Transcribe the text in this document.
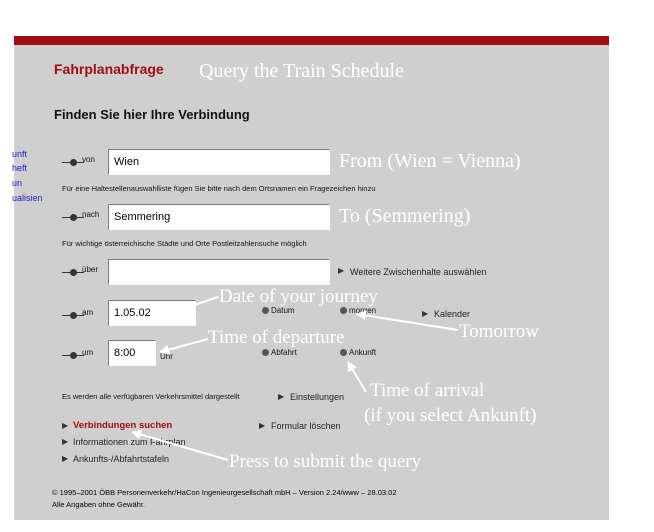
unft
heft
un
ualisien
Fahrplanabfrage Query the Train Schedule
Finden Sie hier Ihre Verbindung
von
Wien	From (Wien = Vienna)
Für eine Haltestellenauswahlliste fügen Sie bitte nach dem Ortsnamen ein Fragezeichen hinzu
nach
Semmering	To (Semmering)
Für wichtige österreichische Städte und Orte Postleitzahlensuche möglich
über	▶ Weitere Zwischenhalte auswählen
am
1.05.02	Datum	morgen	▶ Kalender
um
8:00	Uhr	Abfahrt	Ankunft
Es werden alle verfügbaren Verkehrsmittel dargestellt	▶ Einstellungen
▶ Verbindungen suchen	▶ Formular löschen
▶ Informationen zum Fahrplan
▶ Ankunfts-/Abfahrtstafeln
© 1995–2001 ÖBB Personenverkehr/HaCon Ingenieurgesellschaft mbH – Version 2.24/www – 28.03.02
Alle Angaben ohne Gewähr.
Date of your journey
Tomorrow
Time of departure
Time of arrival
(if you select Ankunft)
Press to submit the query
